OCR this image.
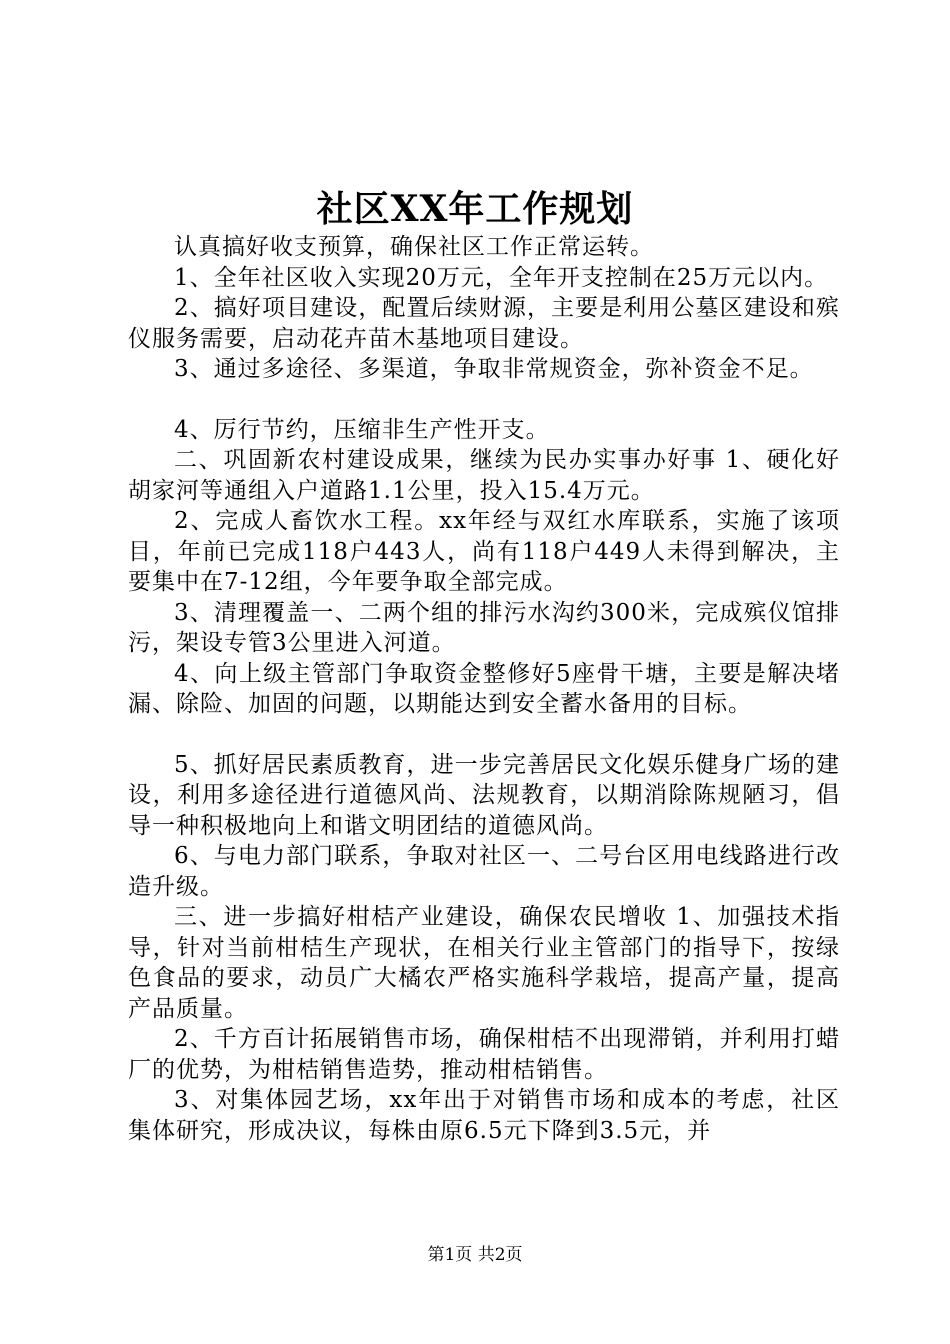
社区XX年工作规划

认真搞好收支预算，确保社区工作正常运转。

1、全年社区收入实现20万元，全年开支控制在25万元以内。

2、搞好项目建设，配置后续财源，主要是利用公墓区建设和殡仪服务需要，启动花卉苗木基地项目建设。

3、通过多途径、多渠道，争取非常规资金，弥补资金不足。

4、厉行节约，压缩非生产性开支。

二、巩固新农村建设成果，继续为民办实事办好事 1、硬化好胡家河等通组入户道路1.1公里，投入15.4万元。

2、完成人畜饮水工程。xx年经与双红水库联系，实施了该项目，年前已完成118户443人，尚有118户449人未得到解决，主要集中在7-12组，今年要争取全部完成。

3、清理覆盖一、二两个组的排污水沟约300米，完成殡仪馆排污，架设专管3公里进入河道。

4、向上级主管部门争取资金整修好5座骨干塘，主要是解决堵漏、除险、加固的问题，以期能达到安全蓄水备用的目标。

5、抓好居民素质教育，进一步完善居民文化娱乐健身广场的建设，利用多途径进行道德风尚、法规教育，以期消除陈规陋习，倡导一种积极地向上和谐文明团结的道德风尚。

6、与电力部门联系，争取对社区一、二号台区用电线路进行改造升级。

三、进一步搞好柑桔产业建设，确保农民增收 1、加强技术指导，针对当前柑桔生产现状，在相关行业主管部门的指导下，按绿色食品的要求，动员广大橘农严格实施科学栽培，提高产量，提高产品质量。

2、千方百计拓展销售市场，确保柑桔不出现滞销，并利用打蜡厂的优势，为柑桔销售造势，推动柑桔销售。

3、对集体园艺场，xx年出于对销售市场和成本的考虑，社区集体研究，形成决议，每株由原6.5元下降到3.5元，并

第1页 共2页
